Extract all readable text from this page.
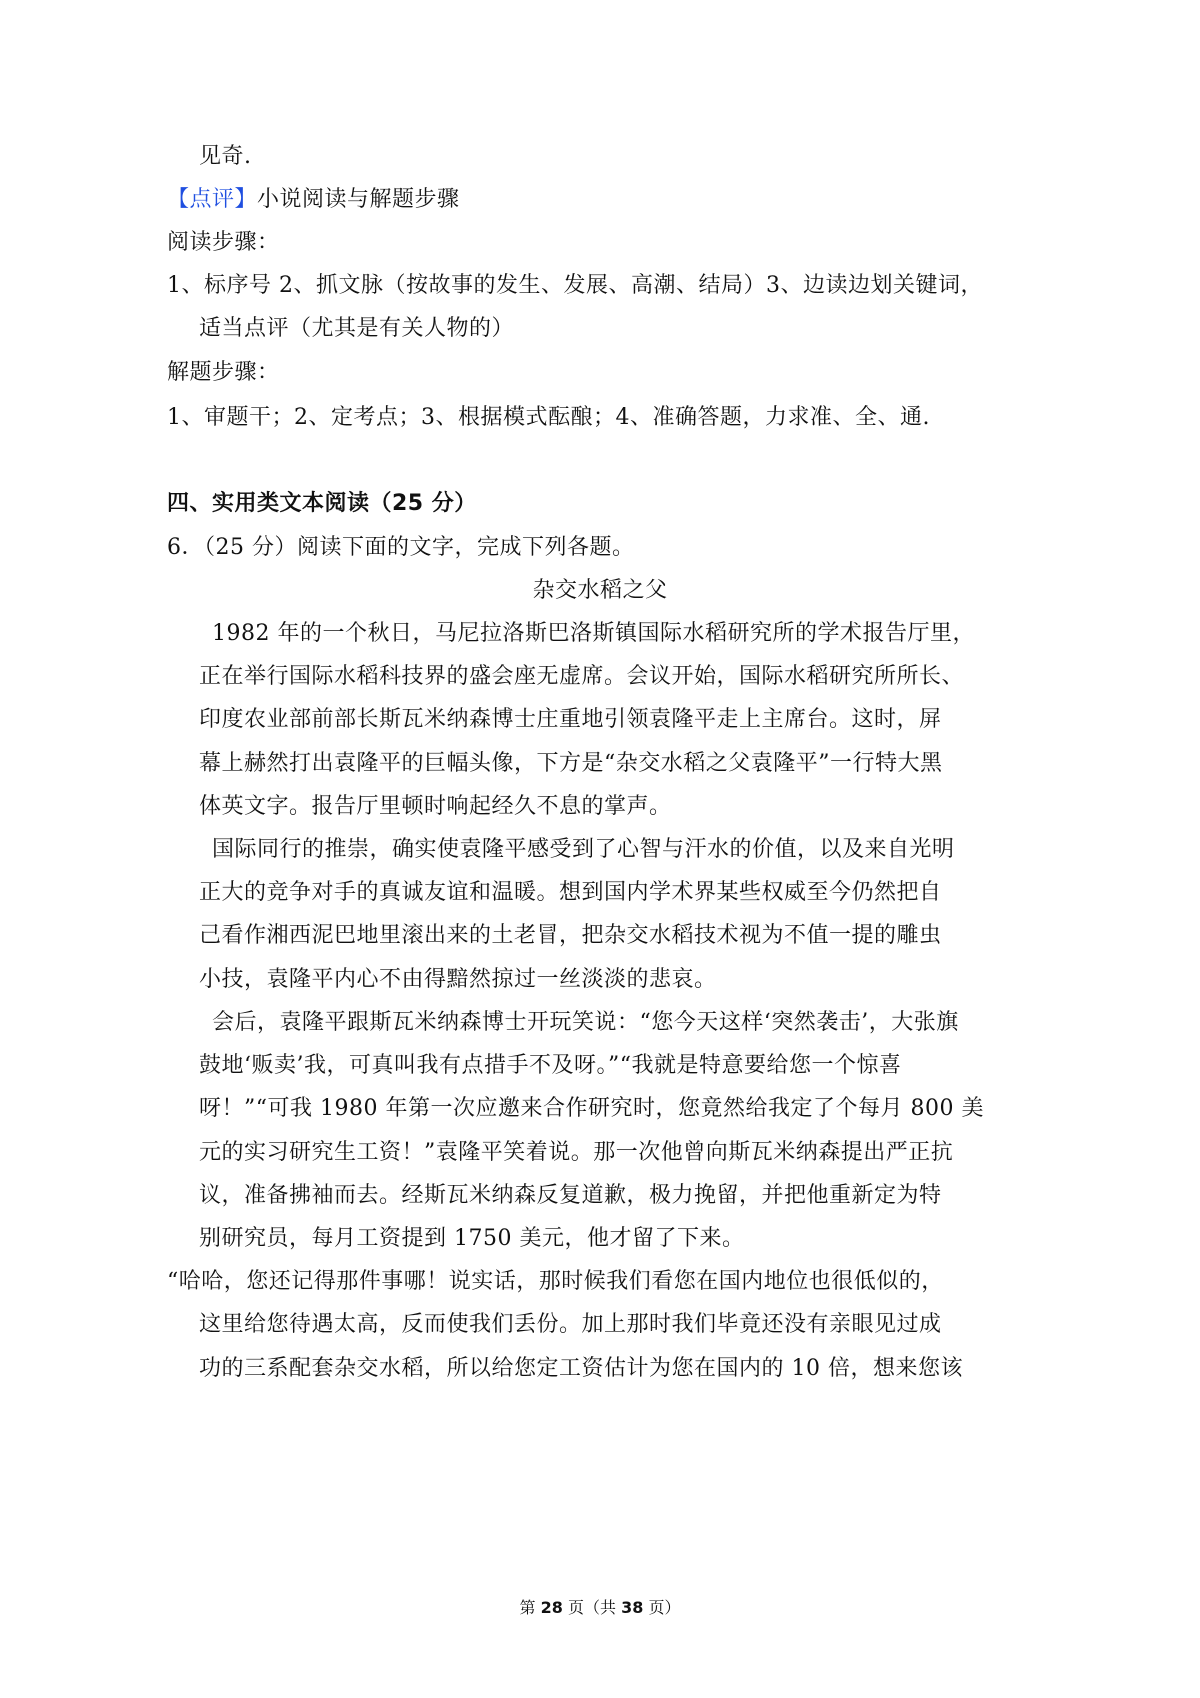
见奇.

【点评】小说阅读与解题步骤

阅读步骤：

1、标序号 2、抓文脉（按故事的发生、发展、高潮、结局）3、边读边划关键词，

适当点评（尤其是有关人物的）

解题步骤：

1、审题干；2、定考点；3、根据模式酝酿；4、准确答题，力求准、全、通.

四、实用类文本阅读（25 分）

6．（25 分）阅读下面的文字，完成下列各题。

杂交水稻之父

1982 年的一个秋日，马尼拉洛斯巴洛斯镇国际水稻研究所的学术报告厅里，

正在举行国际水稻科技界的盛会座无虚席。会议开始，国际水稻研究所所长、

印度农业部前部长斯瓦米纳森博士庄重地引领袁隆平走上主席台。这时，屏

幕上赫然打出袁隆平的巨幅头像，下方是“杂交水稻之父袁隆平”一行特大黑

体英文字。报告厅里顿时响起经久不息的掌声。

国际同行的推崇，确实使袁隆平感受到了心智与汗水的价值，以及来自光明

正大的竞争对手的真诚友谊和温暖。想到国内学术界某些权威至今仍然把自

己看作湘西泥巴地里滚出来的土老冒，把杂交水稻技术视为不值一提的雕虫

小技，袁隆平内心不由得黯然掠过一丝淡淡的悲哀。

会后，袁隆平跟斯瓦米纳森博士开玩笑说：“您今天这样‘突然袭击’，大张旗

鼓地‘贩卖’我，可真叫我有点措手不及呀。”“我就是特意要给您一个惊喜

呀！”“可我 1980 年第一次应邀来合作研究时，您竟然给我定了个每月 800 美

元的实习研究生工资！”袁隆平笑着说。那一次他曾向斯瓦米纳森提出严正抗

议，准备拂袖而去。经斯瓦米纳森反复道歉，极力挽留，并把他重新定为特

别研究员，每月工资提到 1750 美元，他才留了下来。

“哈哈，您还记得那件事哪！说实话，那时候我们看您在国内地位也很低似的，

这里给您待遇太高，反而使我们丢份。加上那时我们毕竟还没有亲眼见过成

功的三系配套杂交水稻，所以给您定工资估计为您在国内的 10 倍，想来您该

第 28 页（共 38 页）
